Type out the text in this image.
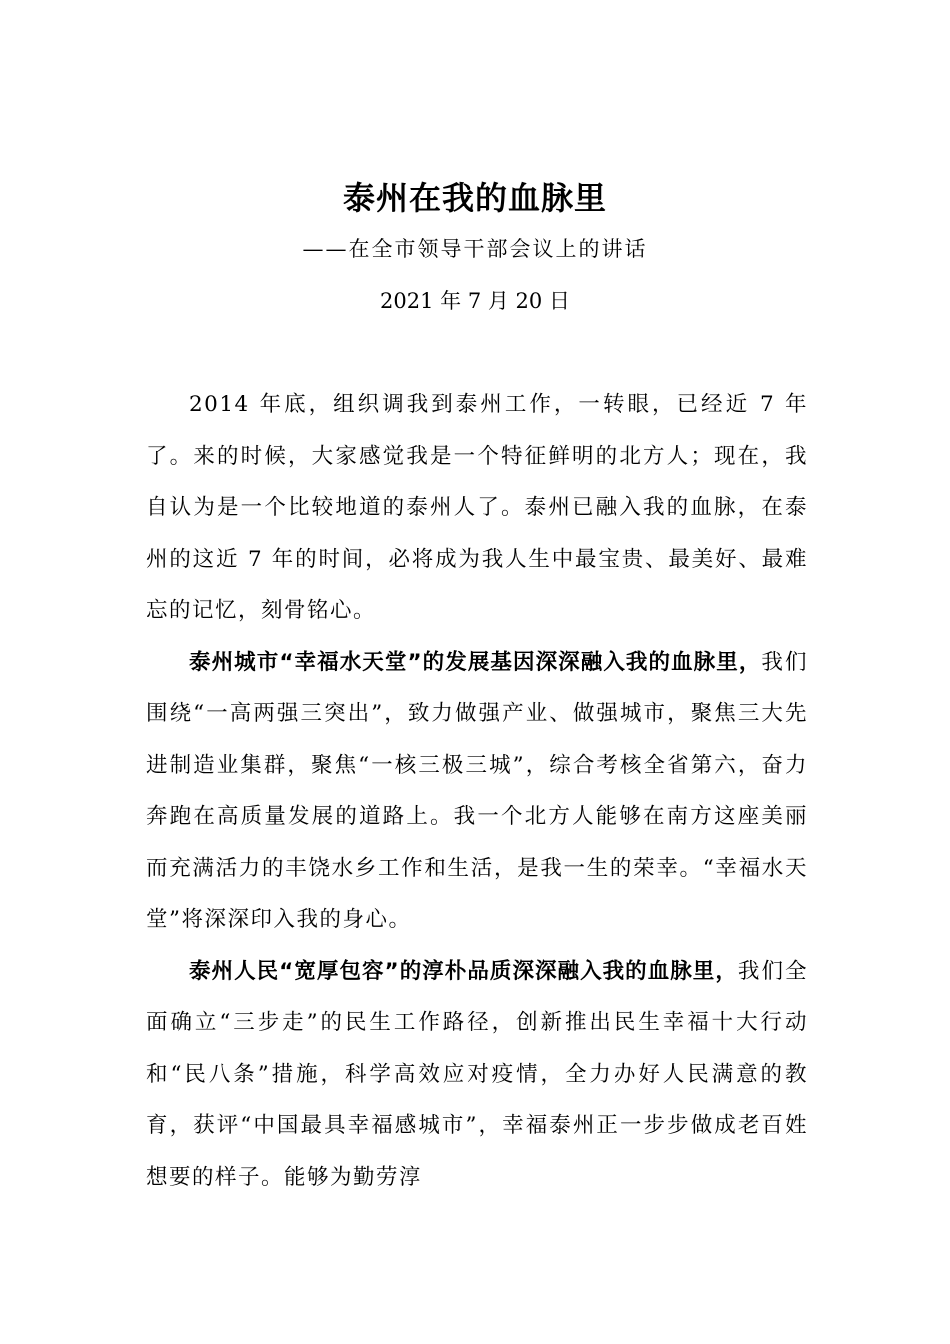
泰州在我的血脉里
——在全市领导干部会议上的讲话
2021 年 7 月 20 日

2014 年底，组织调我到泰州工作，一转眼，已经近 7 年了。来的时候，大家感觉我是一个特征鲜明的北方人；现在，我自认为是一个比较地道的泰州人了。泰州已融入我的血脉，在泰州的这近 7 年的时间，必将成为我人生中最宝贵、最美好、最难忘的记忆，刻骨铭心。

泰州城市“幸福水天堂”的发展基因深深融入我的血脉里，我们围绕“一高两强三突出”，致力做强产业、做强城市，聚焦三大先进制造业集群，聚焦“一核三极三城”，综合考核全省第六，奋力奔跑在高质量发展的道路上。我一个北方人能够在南方这座美丽而充满活力的丰饶水乡工作和生活，是我一生的荣幸。“幸福水天堂”将深深印入我的身心。

泰州人民“宽厚包容”的淳朴品质深深融入我的血脉里，我们全面确立“三步走”的民生工作路径，创新推出民生幸福十大行动和“民八条”措施，科学高效应对疫情，全力办好人民满意的教育，获评“中国最具幸福感城市”，幸福泰州正一步步做成老百姓想要的样子。能够为勤劳淳
